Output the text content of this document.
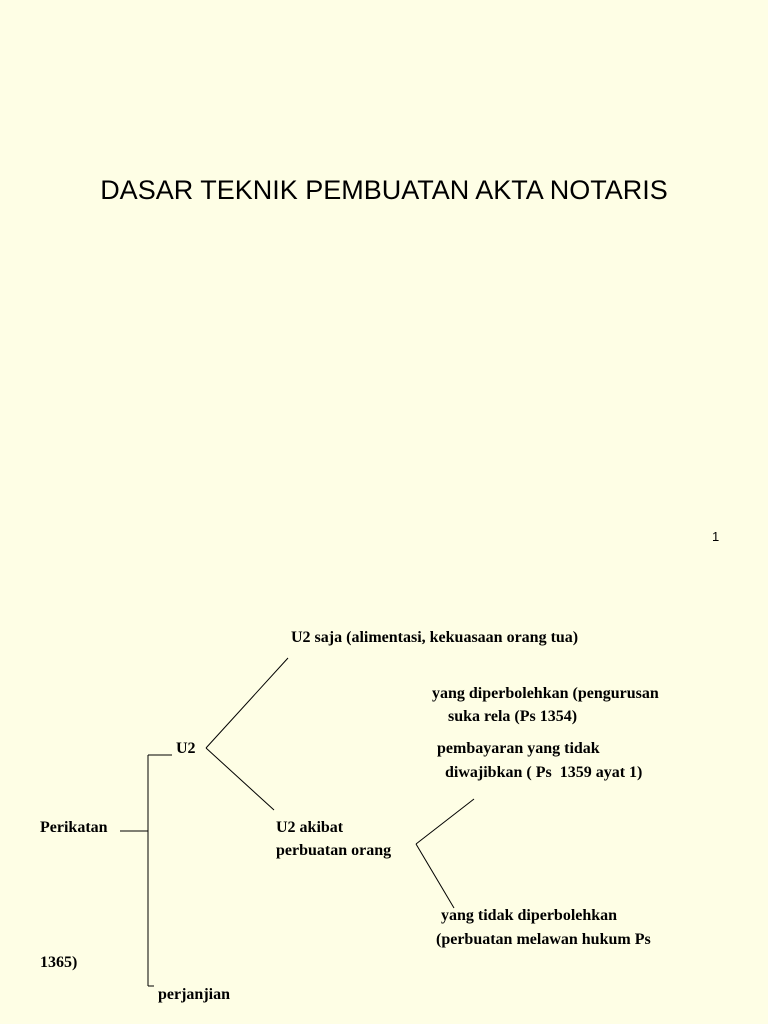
DASAR TEKNIK PEMBUATAN AKTA NOTARIS
1

Perikatan

U2

U2 saja (alimentasi, kekuasaan orang tua)

U2 akibat

perbuatan orang

yang diperbolehkan (pengurusan

suka rela (Ps 1354)

pembayaran yang tidak

diwajibkan ( Ps  1359 ayat 1)

yang tidak diperbolehkan

(perbuatan melawan hukum Ps

1365)

perjanjian
